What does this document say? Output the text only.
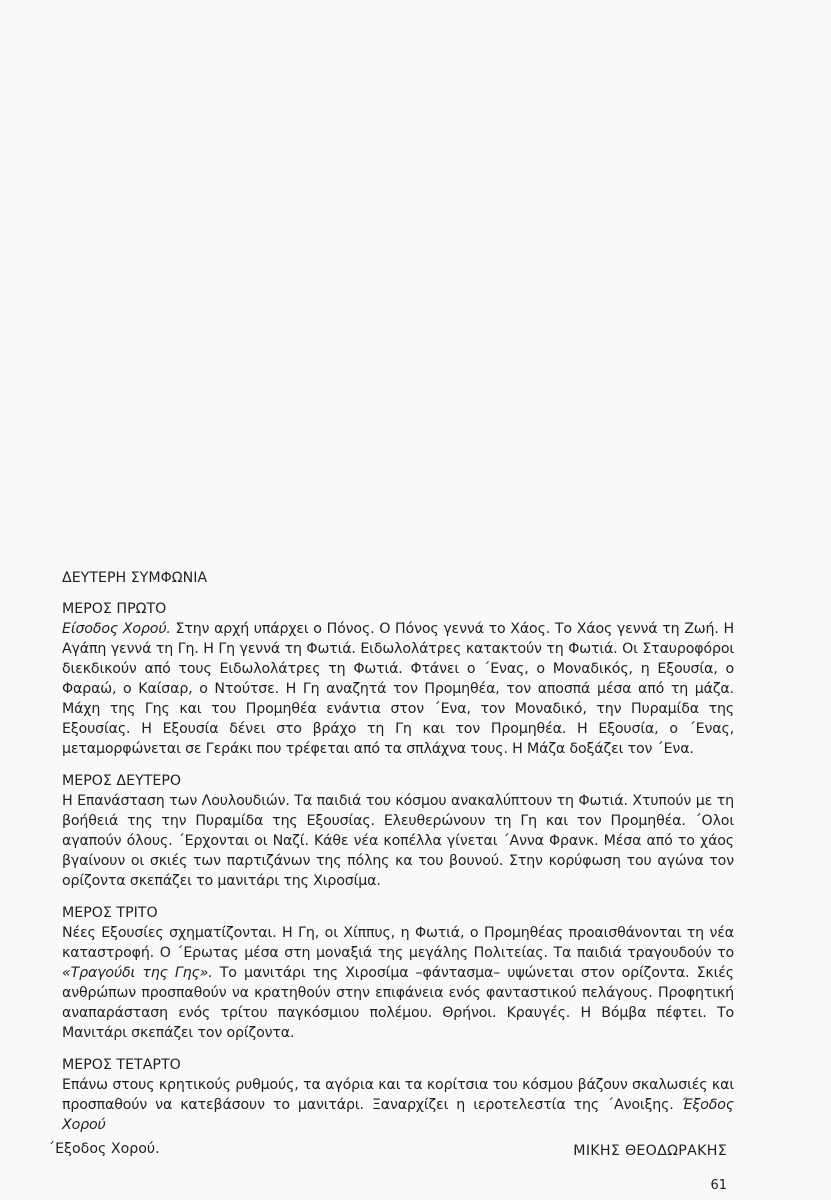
ΔΕΥΤΕΡΗ ΣΥΜΦΩΝΙΑ
ΜΕΡΟΣ ΠΡΩΤΟ

Είσοδος Χορού. Στην αρχή υπάρχει ο Πόνος. Ο Πόνος γεννά το Χάος. Το Χάος γεννά τη Ζωή. Η Αγάπη γεννά τη Γη. Η Γη γεννά τη Φωτιά. Ειδωλολάτρες κατακτούν τη Φωτιά. Οι Σταυροφόροι διεκδικούν από τους Ειδωλολάτρες τη Φωτιά. Φτάνει ο ΄Ενας, ο Μοναδικός, η Εξουσία, ο Φαραώ, ο Καίσαρ, ο Ντούτσε. Η Γη αναζητά τον Προμηθέα, τον αποσπά μέσα από τη μάζα. Μάχη της Γης και του Προμηθέα ενάντια στον ΄Ενα, τον Μοναδικό, την Πυραμίδα της Εξουσίας. Η Εξουσία δένει στο βράχο τη Γη και τον Προμηθέα. Η Εξουσία, ο ΄Ενας, μεταμορφώνεται σε Γεράκι που τρέφεται από τα σπλάχνα τους. Η Μάζα δοξάζει τον ΄Ενα.

ΜΕΡΟΣ ΔΕΥΤΕΡΟ

Η Επανάσταση των Λουλουδιών. Τα παιδιά του κόσμου ανακαλύπτουν τη Φωτιά. Χτυπούν με τη βοήθειά της την Πυραμίδα της Εξουσίας. Ελευθερώνουν τη Γη και τον Προμηθέα. ΄Ολοι αγαπούν όλους. ΄Ερχονται οι Ναζί. Κάθε νέα κοπέλλα γίνεται ΄Αννα Φρανκ. Μέσα από το χάος βγαίνουν οι σκιές των παρτιζάνων της πόλης κα του βουνού. Στην κορύφωση του αγώνα τον ορίζοντα σκεπάζει το μανιτάρι της Χιροσίμα.

ΜΕΡΟΣ ΤΡΙΤΟ

Νέες Εξουσίες σχηματίζονται. Η Γη, οι Χίππυς, η Φωτιά, ο Προμηθέας προαισθάνονται τη νέα καταστροφή. Ο ΄Ερωτας μέσα στη μοναξιά της μεγάλης Πολιτείας. Τα παιδιά τραγουδούν το «Τραγούδι της Γης». Το μανιτάρι της Χιροσίμα –φάντασμα– υψώνεται στον ορίζοντα. Σκιές ανθρώπων προσπαθούν να κρατηθούν στην επιφάνεια ενός φανταστικού πελάγους. Προφητική αναπαράσταση ενός τρίτου παγκόσμιου πολέμου. Θρήνοι. Κραυγές. Η Βόμβα πέφτει. Το Μανιτάρι σκεπάζει τον ορίζοντα.

ΜΕΡΟΣ ΤΕΤΑΡΤΟ

Επάνω στους κρητικούς ρυθμούς, τα αγόρια και τα κορίτσια του κόσμου βάζουν σκαλωσιές και προσπαθούν να κατεβάσουν το μανιτάρι. Ξαναρχίζει η ιεροτελεστία της ΄Ανοιξης. Έξοδος Χορού

΄Εξοδος Χορού.	ΜΙΚΗΣ ΘΕΟΔΩΡΑΚΗΣ
61
